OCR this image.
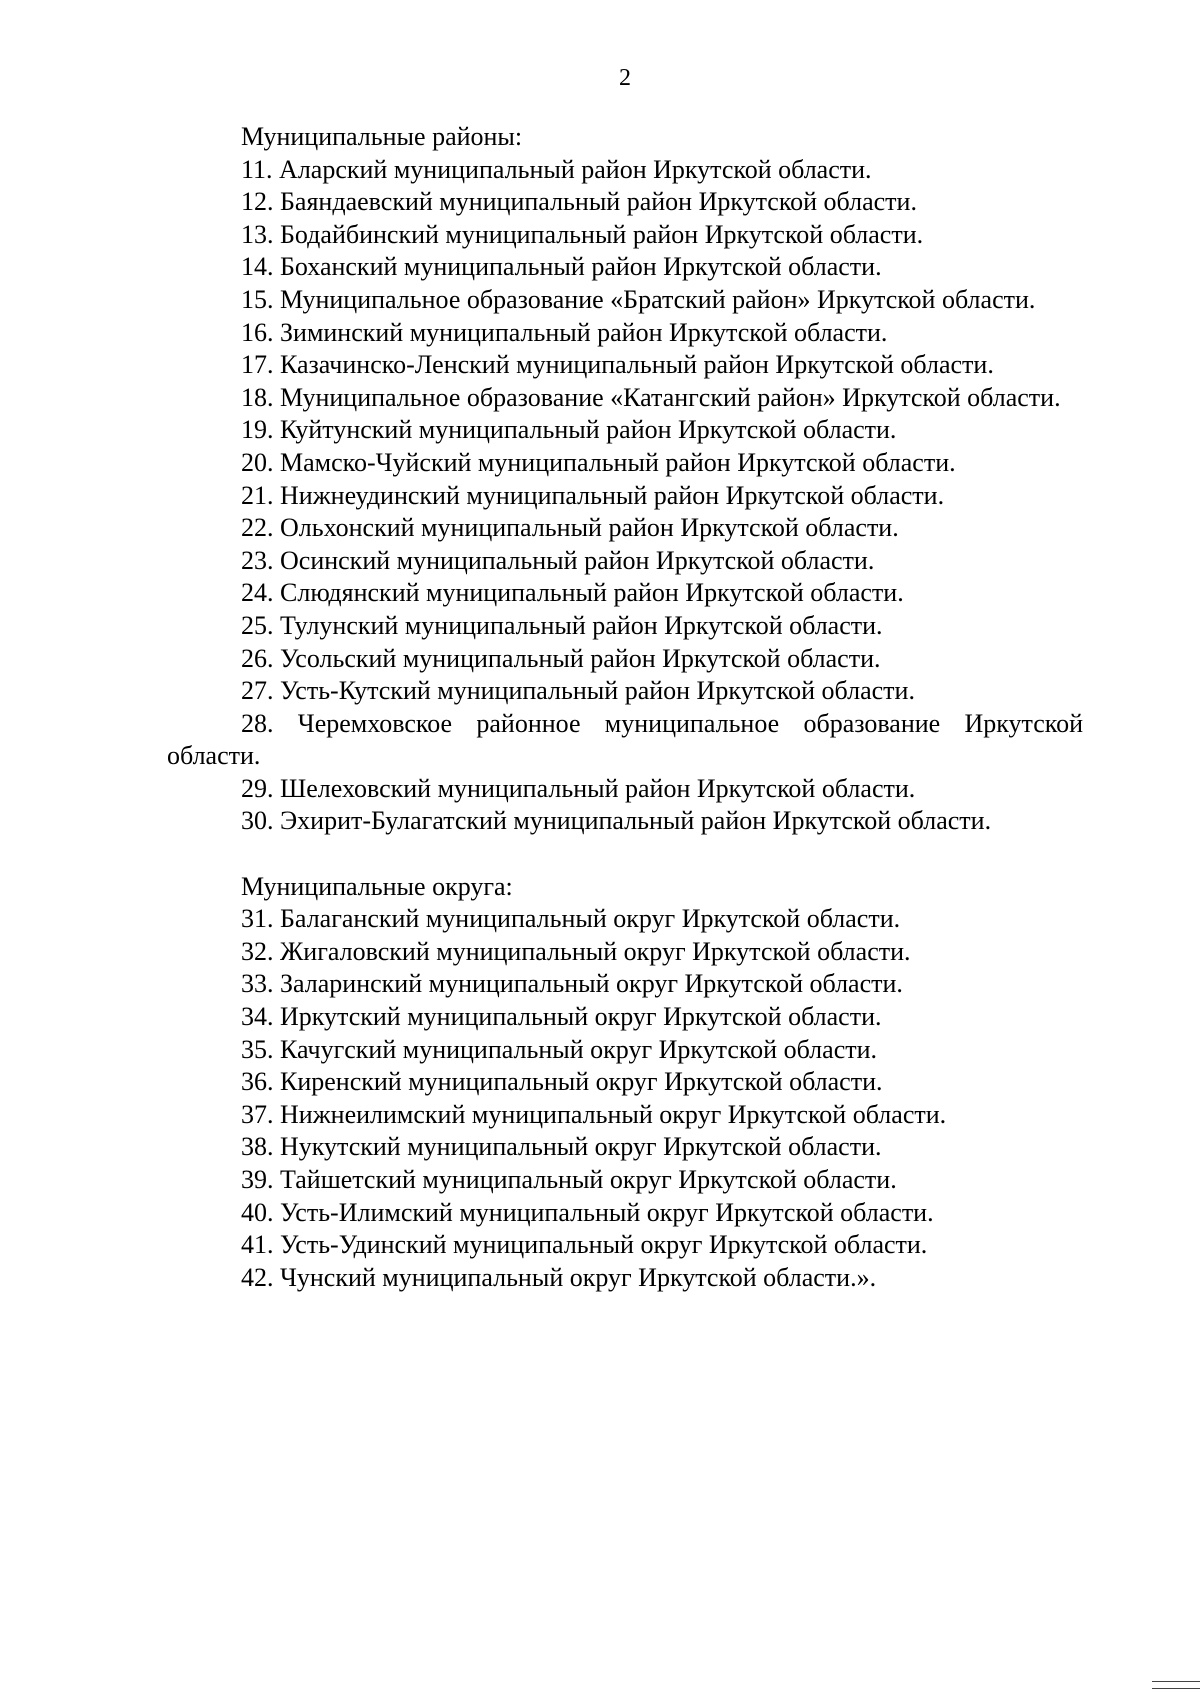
2
Муниципальные районы:
11. Аларский муниципальный район Иркутской области.
12. Баяндаевский муниципальный район Иркутской области.
13. Бодайбинский муниципальный район Иркутской области.
14. Боханский муниципальный район Иркутской области.
15. Муниципальное образование «Братский район» Иркутской области.
16. Зиминский муниципальный район Иркутской области.
17. Казачинско-Ленский муниципальный район Иркутской области.
18. Муниципальное образование «Катангский район» Иркутской области.
19. Куйтунский муниципальный район Иркутской области.
20. Мамско-Чуйский муниципальный район Иркутской области.
21. Нижнеудинский муниципальный район Иркутской области.
22. Ольхонский муниципальный район Иркутской области.
23. Осинский муниципальный район Иркутской области.
24. Слюдянский муниципальный район Иркутской области.
25. Тулунский муниципальный район Иркутской области.
26. Усольский муниципальный район Иркутской области.
27. Усть-Кутский муниципальный район Иркутской области.
28. Черемховское районное муниципальное образование Иркутской области.
29. Шелеховский муниципальный район Иркутской области.
30. Эхирит-Булагатский муниципальный район Иркутской области.
Муниципальные округа:
31. Балаганский муниципальный округ Иркутской области.
32. Жигаловский муниципальный округ Иркутской области.
33. Заларинский муниципальный округ Иркутской области.
34. Иркутский муниципальный округ Иркутской области.
35. Качугский муниципальный округ Иркутской области.
36. Киренский муниципальный округ Иркутской области.
37. Нижнеилимский муниципальный округ Иркутской области.
38. Нукутский муниципальный округ Иркутской области.
39. Тайшетский муниципальный округ Иркутской области.
40. Усть-Илимский муниципальный округ Иркутской области.
41. Усть-Удинский муниципальный округ Иркутской области.
42. Чунский муниципальный округ Иркутской области.».
